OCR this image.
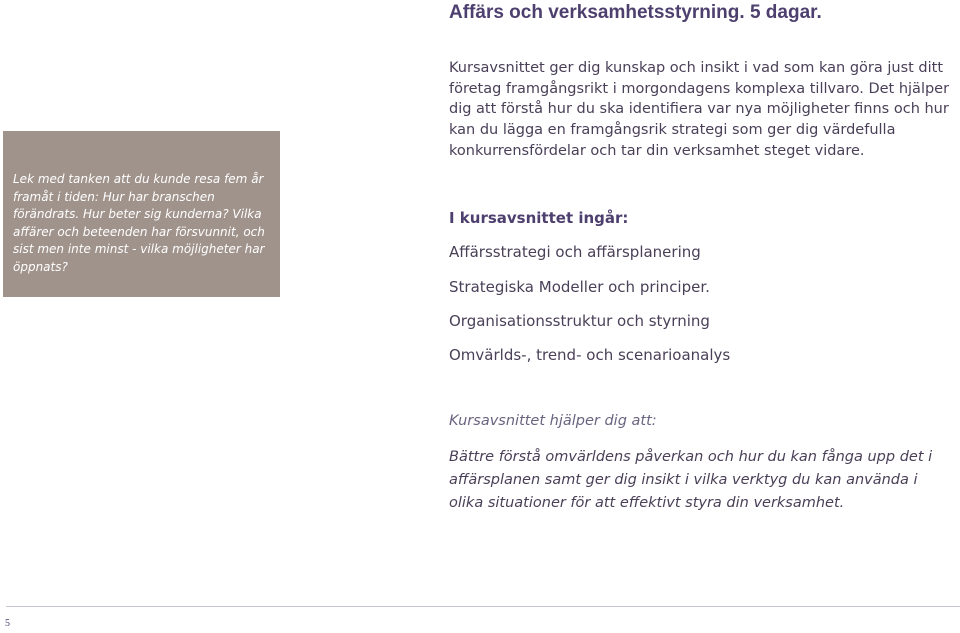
Affärs och verksamhetsstyrning. 5 dagar.

Lek med tanken att du kunde resa fem år framåt i tiden: Hur har branschen förändrats. Hur beter sig kunderna? Vilka affärer och beteenden har försvunnit, och sist men inte minst - vilka möjligheter har öppnats?

Kursavsnittet ger dig kunskap och insikt i vad som kan göra just ditt företag framgångsrikt i morgondagens komplexa tillvaro. Det hjälper dig att förstå hur du ska identifiera var nya möjligheter finns och hur kan du lägga en framgångsrik strategi som ger dig värdefulla konkurrensfördelar och tar din verksamhet steget vidare.

I kursavsnittet ingår:

Affärsstrategi och affärsplanering

Strategiska Modeller och principer.

Organisationsstruktur och styrning

Omvärlds-, trend- och scenarioanalys

Kursavsnittet hjälper dig att:

Bättre förstå omvärldens påverkan och hur du kan fånga upp det i affärsplanen samt ger dig insikt i vilka verktyg du kan använda i olika situationer för att effektivt styra din verksamhet.

5
